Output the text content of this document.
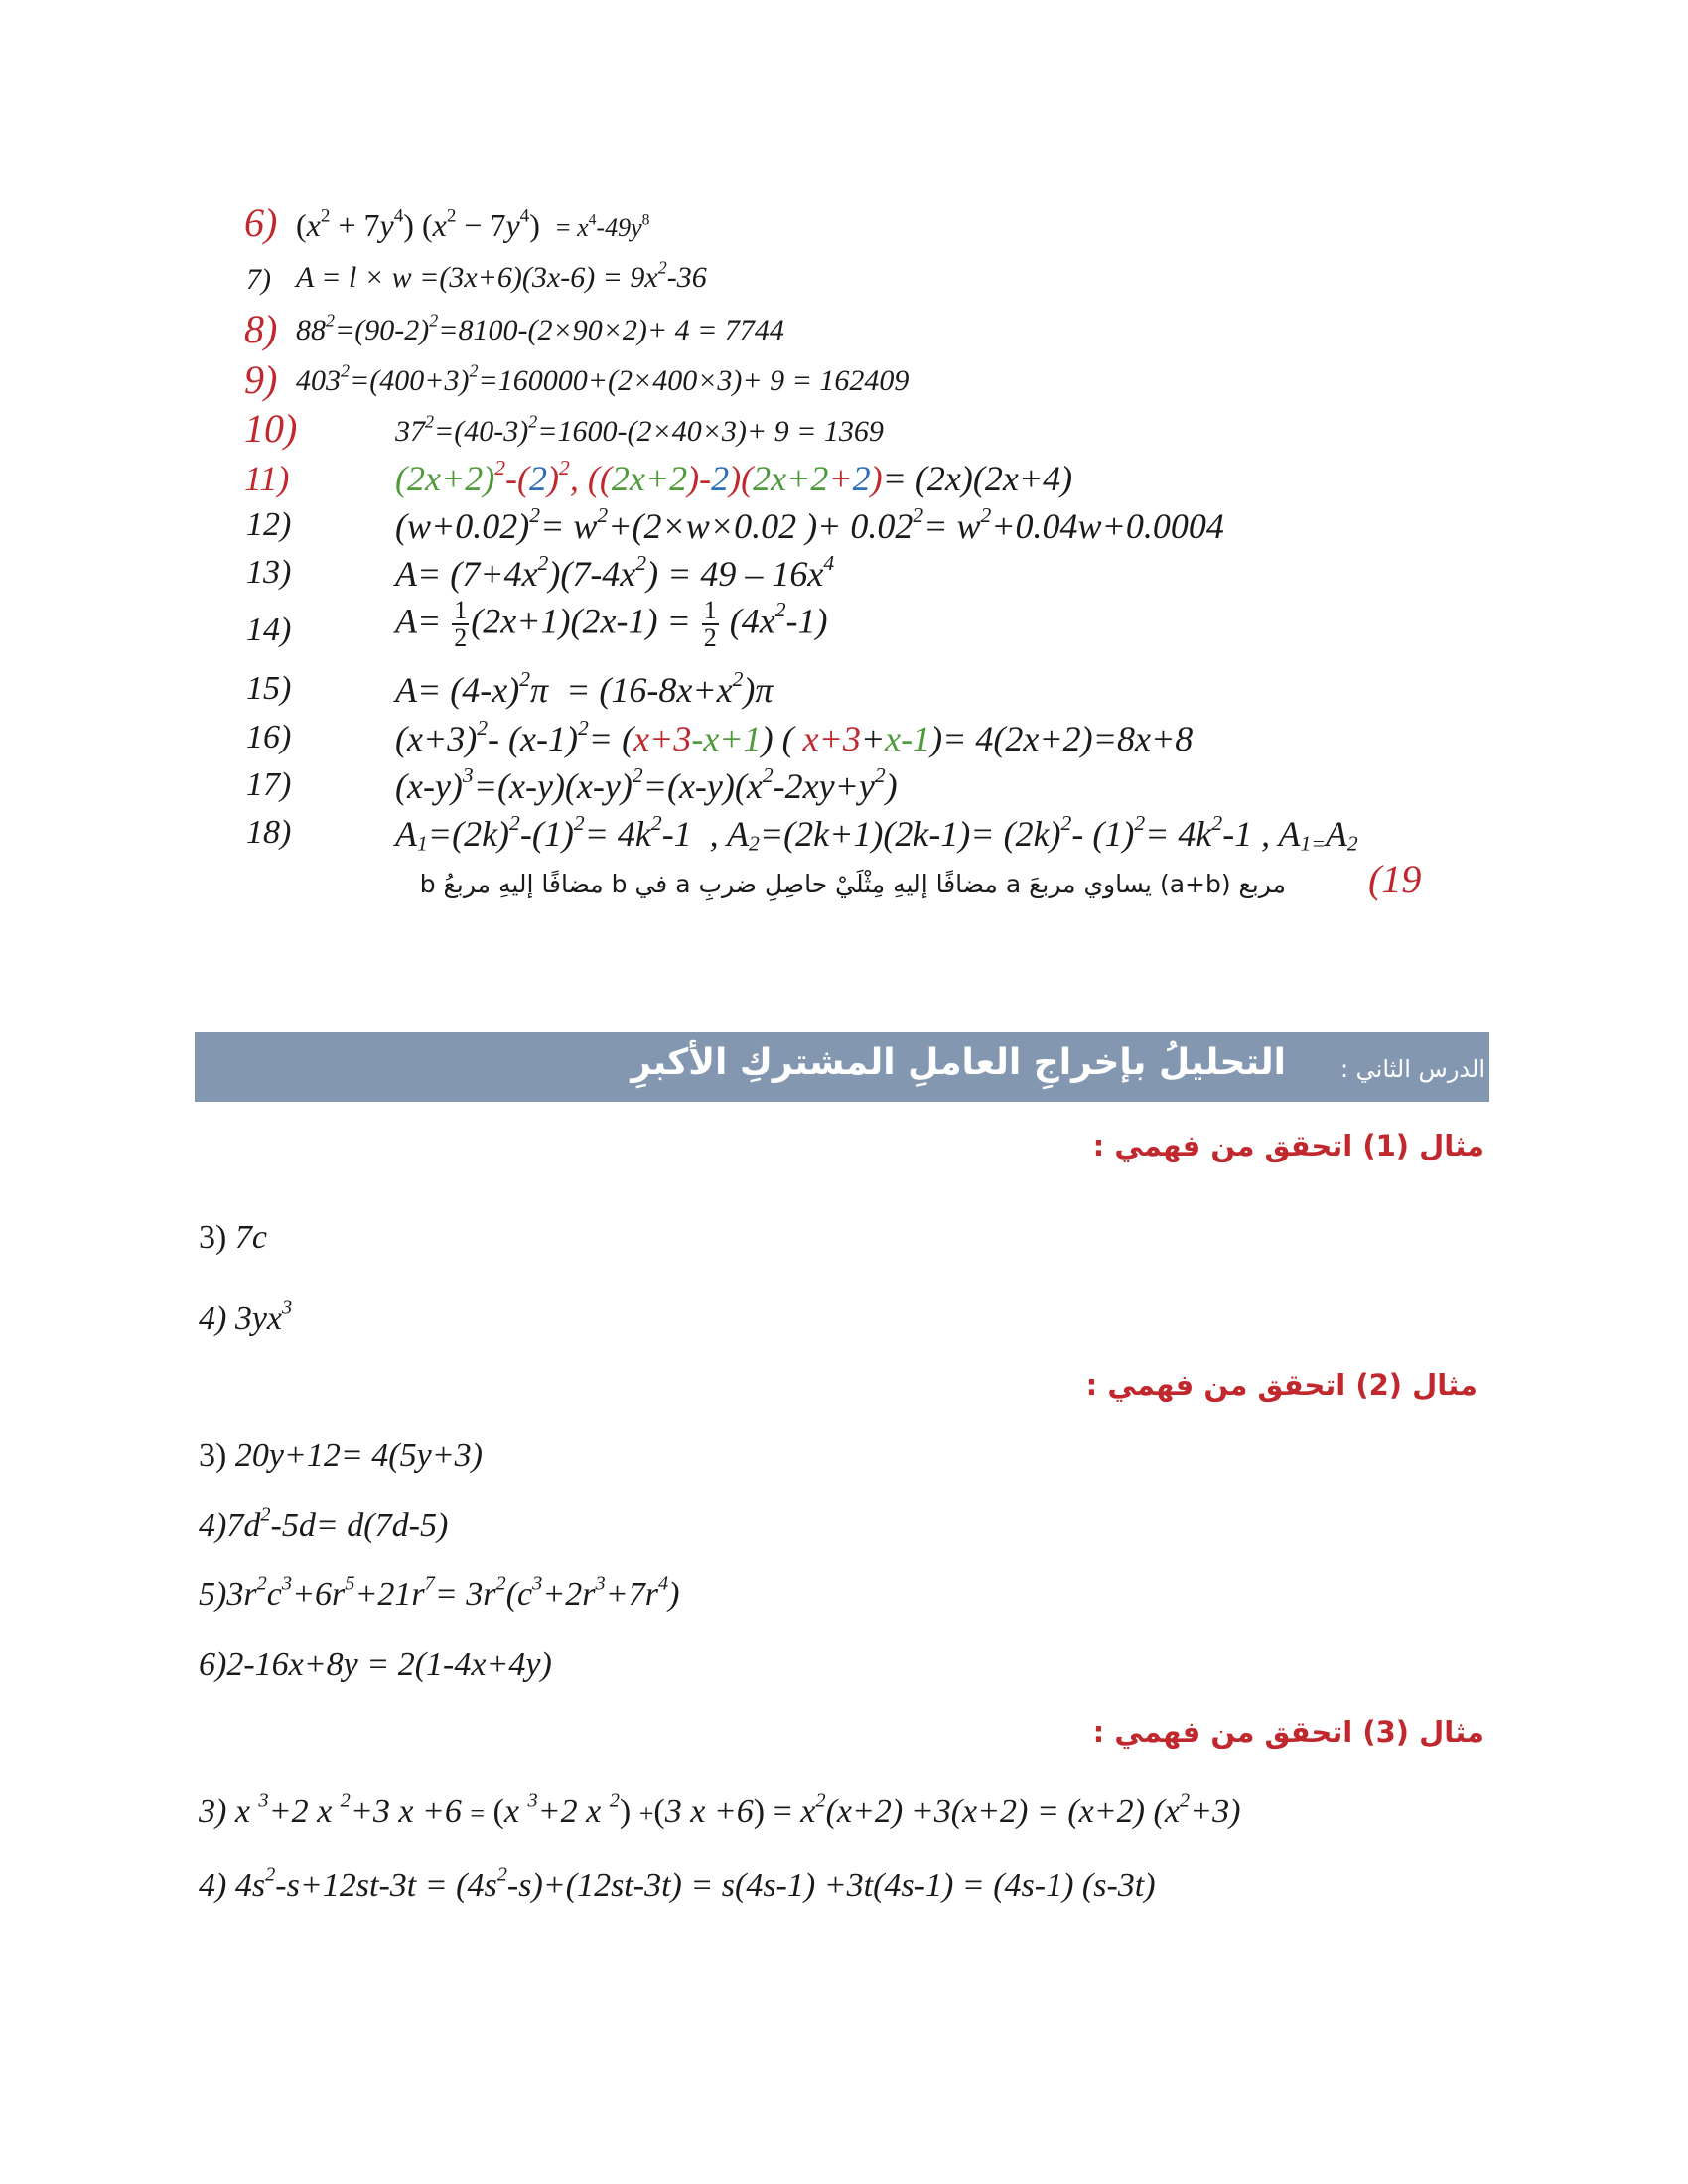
6) $(x^2 + 7y^4) (x^2 - 7y^4) = x^4-49y^8$
7) $A = l \times w =(3x+6)(3x-6) = 9x^2-36$
8) $88^2=(90-2)^2=8100-(2\times 90\times 2)+ 4 = 7744$
9) $403^2=(400+3)^2=160000+(2\times 400\times 3)+ 9 = 162409$
10)	$37^2=(40-3)^2=1600-(2\times 40\times 3)+ 9 = 1369$
11)	$(2x+2)^2-(2)^2$, ((2x+2)-2)(2x+2+2)= (2x)(2x+4)
12)	$(w+0.02)^2= w^2+(2\times w\times 0.02$ )+ $0.02^2= w^2+0.04w+0.0004$
13)	$A= (7+4x^2)(7-4x^2) = 49 - 16x^4$
14)	$A= \frac{1}{2} (2x+1)(2x-1) = \frac{1}{2} (4x^2-1)$
15)	$A= (4-x)^2\pi = (16-8x+x^2)\pi$
16)	$(x+3)^2-$ $(x-1)^2= (x+3-x+1)$ ( x+3+x-1)= 4(2x+2)=8x+8
17)	$(x-y)^3=(x-y)(x-y)^2=(x-y)(x^2-2xy+y^2)$
18)	$A_1=(2k)^2-(1)^2= 4k^2-1$  , $A_2=(2k+1)(2k-1)= (2k)^2-$ $(1)^2= 4k^2-1$ , $A_{1=}A_2$
(19
مربع (a+b) يساوي مربعَ a مضافًا إليهِ مِثْلَيْ حاصِلِ ضربِ a في b مضافًا إليهِ مربعُ b
الدرس الثاني :
التحليلُ بإخراجِ العاملِ المشتركِ الأكبرِ
مثال (1) اتحقق من فهمي :
3) 7c
4) $3yx^3$
مثال (2) اتحقق من فهمي :
3) 20y+12= 4(5y+3)
$4)7d^2-5d= d(7d-5)$
$5)3r^2c^3+6r^5+21r^7= 3r^2(c^3+2r^3+7r^4)$
6)2-16x+8y = 2(1-4x+4y)
مثال (3) اتحقق من فهمي :
3) x $^3$+2 x $^2$+3 x +6 = (x $^3$+2 x $^2$) +(3 $x +6) = x^2(x+2) +3(x+2) = (x+2)$ $(x^2+3)$
4) $4s^2-s+12st-3t = (4s^2-s)+(12st-3t) = s(4s-1) +3t(4s-1) = (4s-1)$ (s-3t)
